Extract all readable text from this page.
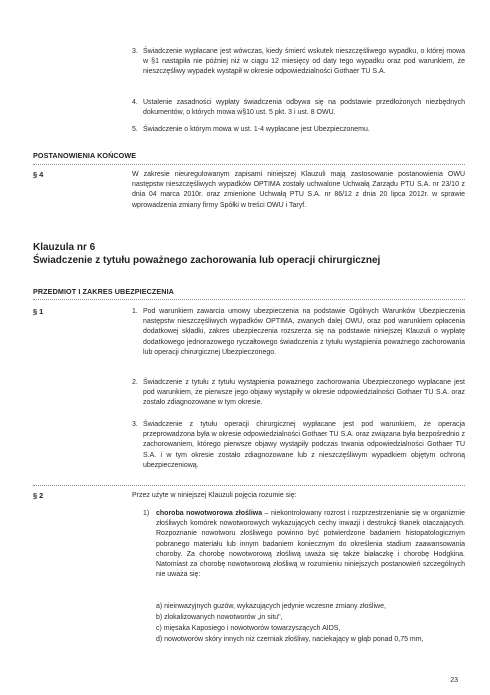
3. Świadczenie wypłacane jest wówczas, kiedy śmierć wskutek nieszczęśliwego wypadku, o której mowa w §1 nastąpiła nie później niż w ciągu 12 miesięcy od daty tego wypadku oraz pod warunkiem, że nieszczęśliwy wypadek wystąpił w okresie odpowiedzialności Gothaer TU S.A.

4. Ustalenie zasadności wypłaty świadczenia odbywa się na podstawie przedłożonych niezbędnych dokumentów, o których mowa w§10 ust. 5 pkt. 3 i ust. 8 OWU.

5. Świadczenie o którym mowa w ust. 1-4 wypłacane jest Ubezpieczonemu.

POSTANOWIENIA KOŃCOWE
§ 4	W zakresie nieuregulowanym zapisami niniejszej Klauzuli mają zastosowanie postanowienia OWU następstw nieszczęśliwych wypadków OPTIMA zostały uchwalone Uchwałą Zarządu PTU S.A. nr 23/10 z dnia 04 marca 2010r. oraz zmienione Uchwałą PTU S.A. nr 86/12 z dnia 20 lipca 2012r. w sprawie wprowadzenia zmiany firmy Spółki w treści OWU i Taryf.

Klauzula nr 6
Świadczenie z tytułu poważnego zachorowania lub operacji chirurgicznej
PRZEDMIOT I ZAKRES UBEZPIECZENIA
§ 1	1. Pod warunkiem zawarcia umowy ubezpieczenia na podstawie Ogólnych Warunków Ubezpieczenia następstw nieszczęśliwych wypadków OPTIMA, zwanych dalej OWU, oraz pod warunkiem opłacenia dodatkowej składki, zakres ubezpieczenia rozszerza się na podstawie niniejszej Klauzuli o wypłatę dodatkowego jednorazowego ryczałtowego świadczenia z tytułu wystąpienia poważnego zachorowania lub operacji chirurgicznej Ubezpieczonego.

2. Świadczenie z tytułu z tytułu wystąpienia poważnego zachorowania Ubezpieczonego wypłacane jest pod warunkiem, że pierwsze jego objawy wystąpiły w okresie odpowiedzialności Gothaer TU S.A. oraz zostało zdiagnozowane w tym okresie.

3. Świadczenie z tytułu operacji chirurgicznej wypłacane jest pod warunkiem, że operacja przeprowadzona była w okresie odpowiedzialności Gothaer TU S.A. oraz związana była bezpośrednio z zachorowaniem, którego pierwsze objawy wystąpiły podczas trwania odpowiedzialności Gothaer TU S.A. i w tym okresie zostało zdiagnozowane lub z nieszczęśliwym wypadkiem objętym ochroną ubezpieczeniową.

§ 2	Przez użyte w niniejszej Klauzuli pojęcia rozumie się:

1) choroba nowotworowa złośliwa – niekontrolowany rozrost i rozprzestrzenianie się w organizmie złośliwych komórek nowotworowych wykazujących cechy inwazji i destrukcji tkanek otaczających. Rozpoznanie nowotworu złośliwego powinno być potwierdzone badaniem histopatologicznym pobranego materiału lub innym badaniem koniecznym do określenia stadium zaawansowania choroby. Za chorobę nowotworową złośliwą uważa się także białaczkę i chorobę Hodgkina. Natomiast za chorobę nowotworową złośliwą w rozumieniu niniejszych postanowień szczególnych nie uważa się:

a) nieinwazyjnych guzów, wykazujących jedynie wczesne zmiany złośliwe,

b) zlokalizowanych nowotworów „in situ",

c) mięsaka Kaposiego i nowotworów towarzyszących AIDS,

d) nowotworów skóry innych niż czerniak złośliwy, naciekający w głąb ponad 0,75 mm,

23
